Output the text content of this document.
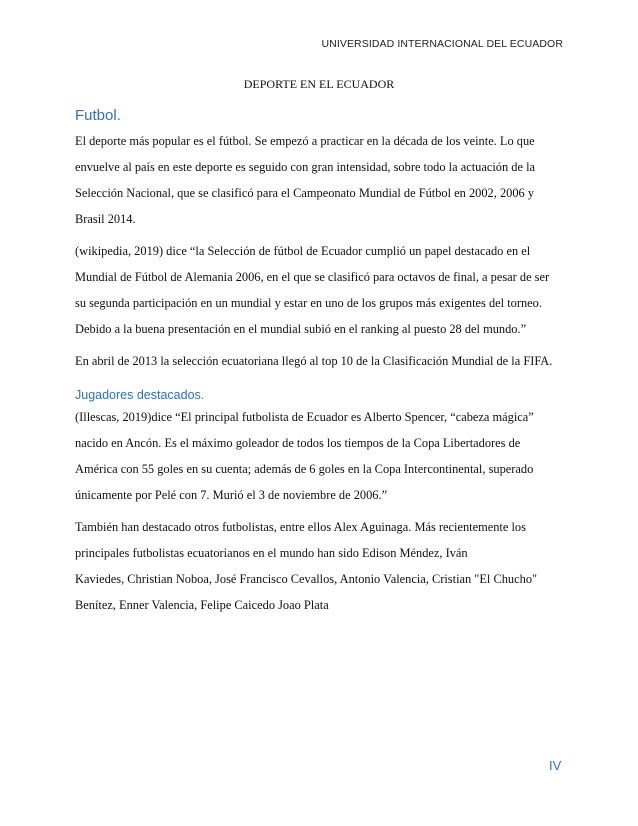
UNIVERSIDAD INTERNACIONAL DEL ECUADOR
DEPORTE EN EL ECUADOR
Futbol.
El deporte más popular es el fútbol. Se empezó a practicar en la década de los veinte. Lo que
envuelve al país en este deporte es seguido con gran intensidad, sobre todo la actuación de la
Selección Nacional, que se clasificó para el Campeonato Mundial de Fútbol en 2002, 2006 y
Brasil 2014.
(wikipedia, 2019) dice “la Selección de fútbol de Ecuador cumplió un papel destacado en el
Mundial de Fútbol de Alemania 2006, en el que se clasificó para octavos de final, a pesar de ser
su segunda participación en un mundial y estar en uno de los grupos más exigentes del torneo.
Debido a la buena presentación en el mundial subió en el ranking al puesto 28 del mundo.”
En abril de 2013 la selección ecuatoriana llegó al top 10 de la Clasificación Mundial de la FIFA.
Jugadores destacados.
(Illescas, 2019)dice “El principal futbolista de Ecuador es Alberto Spencer, “cabeza mágica”
nacido en Ancón. Es el máximo goleador de todos los tiempos de la Copa Libertadores de
América con 55 goles en su cuenta; además de 6 goles en la Copa Intercontinental, superado
únicamente por Pelé con 7. Murió el 3 de noviembre de 2006.”
También han destacado otros futbolistas, entre ellos Alex Aguinaga. Más recientemente los
principales futbolistas ecuatorianos en el mundo han sido Edison Méndez, Iván
Kaviedes, Christian Noboa, José Francisco Cevallos, Antonio Valencia, Cristian "El Chucho"
Benítez, Enner Valencia, Felipe Caicedo Joao Plata
IV
